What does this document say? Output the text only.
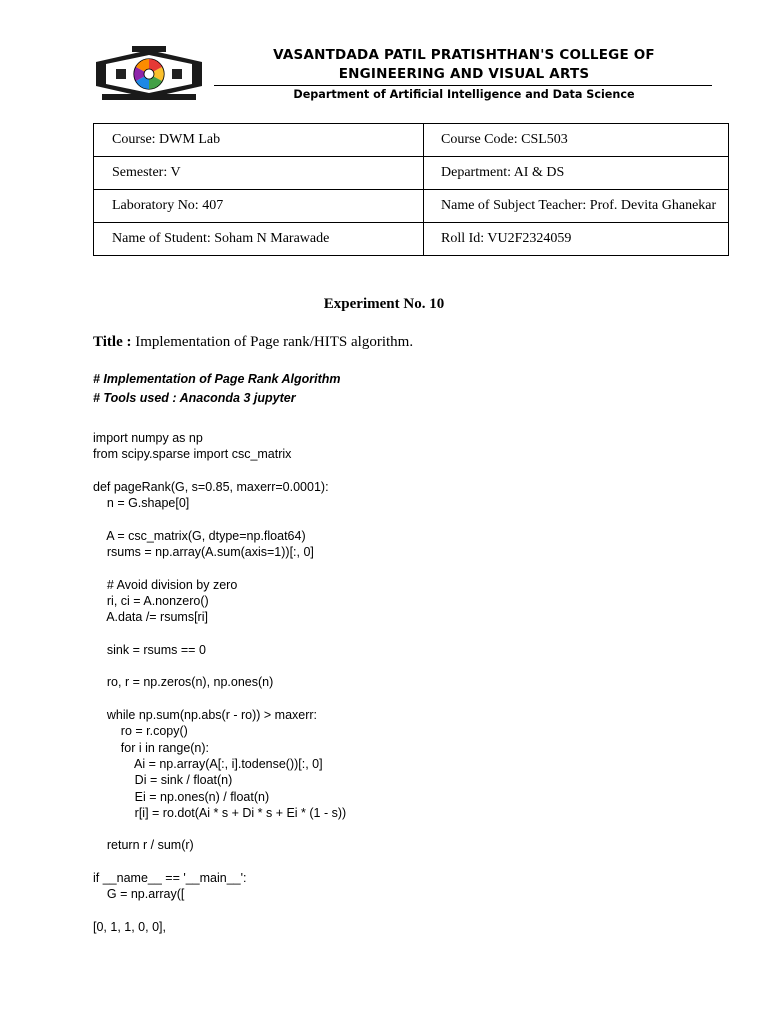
VASANTDADA PATIL PRATISHTHAN'S COLLEGE OF
ENGINEERING AND VISUAL ARTS
Department of Artificial Intelligence and Data Science
Course: DWM Lab	Course Code: CSL503
Semester: V	Department: AI & DS
Laboratory No: 407	Name of Subject Teacher: Prof. Devita Ghanekar
Name of Student: Soham N Marawade	Roll Id: VU2F2324059
Experiment No. 10
Title : Implementation of Page rank/HITS algorithm.
# Implementation of Page Rank Algorithm
# Tools used : Anaconda 3 jupyter
import numpy as np
from scipy.sparse import csc_matrix
def pageRank(G, s=0.85, maxerr=0.0001):
n = G.shape[0]
A = csc_matrix(G, dtype=np.float64)
rsums = np.array(A.sum(axis=1))[:, 0]
# Avoid division by zero
ri, ci = A.nonzero()
A.data /= rsums[ri]
sink = rsums == 0
ro, r = np.zeros(n), np.ones(n)
while np.sum(np.abs(r - ro)) > maxerr:
ro = r.copy()
for i in range(n):
Ai = np.array(A[:, i].todense())[:, 0]
Di = sink / float(n)
Ei = np.ones(n) / float(n)
r[i] = ro.dot(Ai * s + Di * s + Ei * (1 - s))
return r / sum(r)
if __name__ == '__main__':
G = np.array([
[0, 1, 1, 0, 0],
